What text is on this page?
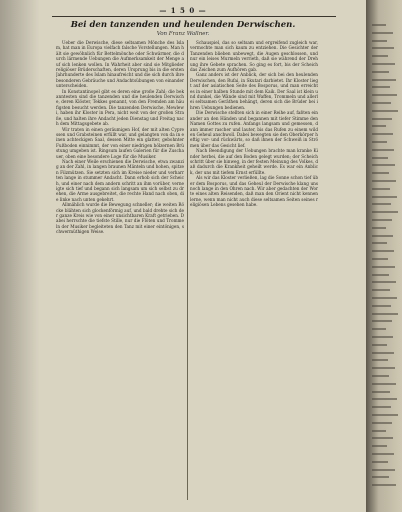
— 1 5 0 —
Bei den tanzenden und heulenden Derwischen.
Von Franz Wallner.

Ueber die Derwische, diese seltsamen Mönche des Islam, hat man in Europa vielfach falsche Vorstellungen. Man hält sie gewöhnlich für Bettelmönche oder Schwärmer, die durch lärmende Uebungen die Aufmerksamkeit der Menge auf sich lenken wollen. In Wahrheit aber sind sie Mitglieder religiöser Brüderschaften, deren Ursprung bis in die ersten Jahrhunderte des Islam hinaufreicht und die sich durch ihre besonderen Gebräuche und Andachtsübungen von einander unterscheiden.

In Konstantinopel gibt es deren eine große Zahl; die bekanntesten sind die tanzenden und die heulenden Derwische, deren Klöster, Tekkes genannt, von den Fremden am häufigsten besucht werden. Die tanzenden Derwische, Mewlewi, haben ihr Kloster in Pera, nicht weit von der großen Straße, und halten ihre Andacht jeden Dienstag und Freitag nach dem Mittagsgebete ab.

Wir traten in einen geräumigen Hof, der mit alten Cypressen und Grabsteinen erfüllt war, und gelangten von da in einen achteckigen Saal, dessen Mitte ein glatter, gebohnter Fußboden einnimmt, der von einer niedrigen hölzernen Brüstung umgeben ist. Ringsum laufen Galerien für die Zuschauer, oben eine besondere Loge für die Musiker.

Nach einer Weile erschienen die Derwische, etwa zwanzig an der Zahl, in langen braunen Mänteln und hohen, spitzen Filzmützen. Sie setzten sich im Kreise nieder und verharrten lange in stummer Andacht. Dann erhob sich der Scheich, und einer nach dem andern schritt an ihm vorüber, verneigte sich tief und begann sich langsam um sich selbst zu drehen, die Arme ausgebreitet, die rechte Hand nach oben, die linke nach unten gekehrt.

Allmählich wurde die Bewegung schneller; die weiten Röcke blähten sich glockenförmig auf, und bald drehte sich der ganze Kreis wie von einer unsichtbaren Kraft getrieben. Dabei herrschte die tiefste Stille, nur die Flöten und Trommeln der Musiker begleiteten den Tanz mit einer eintönigen, schwermüthigen Weise.

Schauspiel, das so seltsam und ergreifend zugleich war, vermochte man sich kaum zu entziehen. Die Gesichter der Tanzenden blieben unbewegt, die Augen geschlossen, und nur ein leises Murmeln verrieth, daß sie während der Drehung ihre Gebete sprachen. So ging es fort, bis der Scheich das Zeichen zum Aufhören gab.

Ganz anders ist der Anblick, der sich bei den heulenden Derwischen, den Rufai, in Skutari darbietet. Ihr Kloster liegt auf der asiatischen Seite des Bosporus, und man erreicht es in einer halben Stunde mit dem Kaik. Der Saal ist klein und dunkel, die Wände sind mit Waffen, Trommeln und allerlei seltsamen Geräthen behängt, deren sich die Brüder bei ihren Uebungen bedienen.

Die Derwische stellten sich in einer Reihe auf, faßten einander an den Händen und begannen mit tiefer Stimme den Namen Gottes zu rufen. Anfangs langsam und gemessen, dann immer rascher und lauter, bis das Rufen zu einem wilden Geheul anschwoll. Dabei bewegten sie den Oberkörper heftig vor- und rückwärts, so daß ihnen der Schweiß in Strömen über das Gesicht lief.

Nach Beendigung der Uebungen brachte man kranke Kinder herbei, die auf den Boden gelegt wurden; der Scheich schritt über sie hinweg, in der festen Meinung des Volkes, daß dadurch die Krankheit geheilt werde. Es war ein Anblick, der uns mit tiefem Ernst erfüllte.

Als wir das Kloster verließen, lag die Sonne schon tief über dem Bosporus, und das Geheul der Derwische klang uns noch lange in den Ohren nach. Wir aber gedachten der Worte eines alten Reisenden, daß man den Orient nicht kennen lerne, wenn man nicht auch diese seltsamen Seiten seines religiösen Lebens gesehen habe.
